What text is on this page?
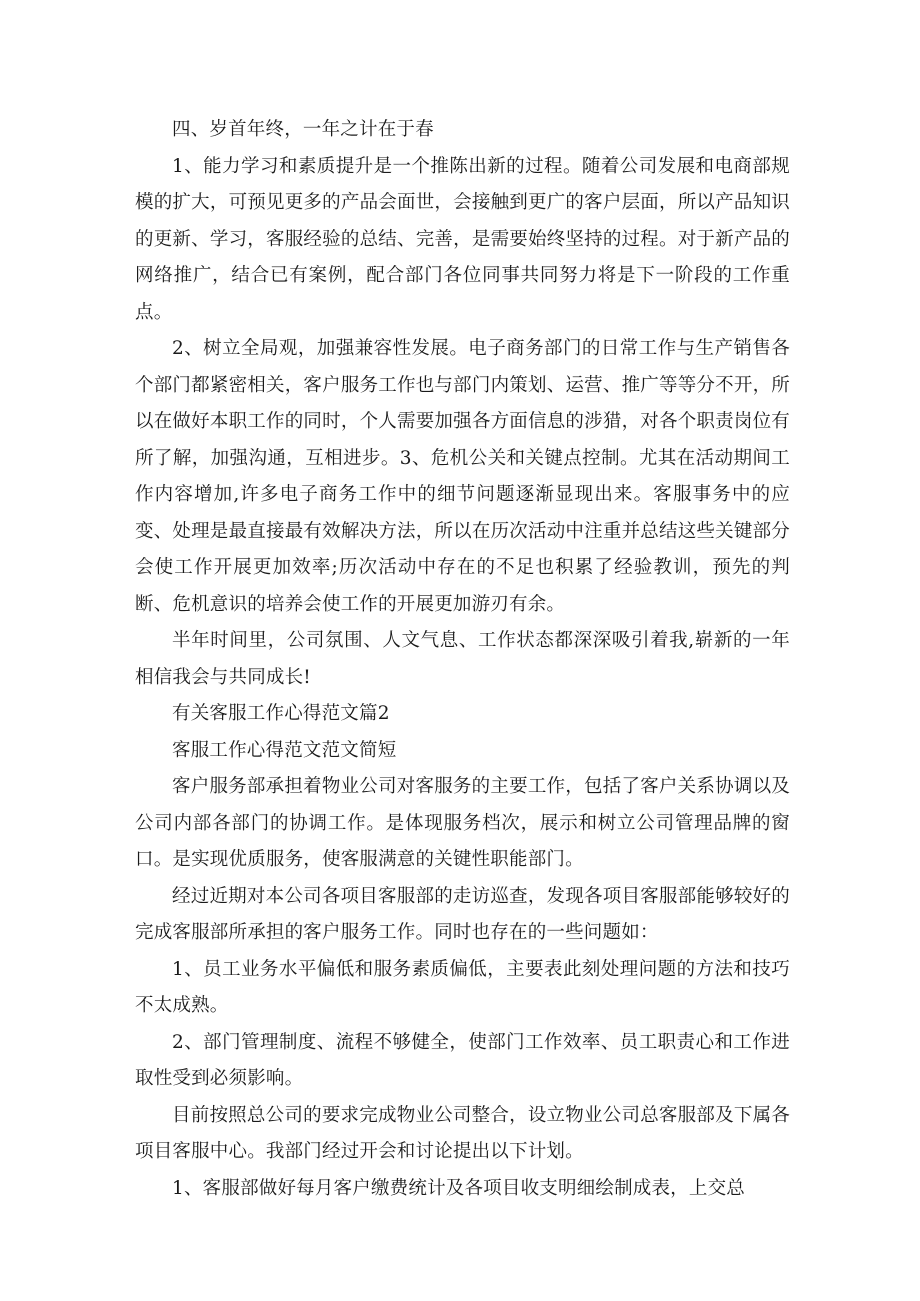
四、岁首年终，一年之计在于春

1、能力学习和素质提升是一个推陈出新的过程。随着公司发展和电商部规模的扩大，可预见更多的产品会面世，会接触到更广的客户层面，所以产品知识的更新、学习，客服经验的总结、完善，是需要始终坚持的过程。对于新产品的网络推广，结合已有案例，配合部门各位同事共同努力将是下一阶段的工作重点。

2、树立全局观，加强兼容性发展。电子商务部门的日常工作与生产销售各个部门都紧密相关，客户服务工作也与部门内策划、运营、推广等等分不开，所以在做好本职工作的同时，个人需要加强各方面信息的涉猎，对各个职责岗位有所了解，加强沟通，互相进步。3、危机公关和关键点控制。尤其在活动期间工作内容增加,许多电子商务工作中的细节问题逐渐显现出来。客服事务中的应变、处理是最直接最有效解决方法，所以在历次活动中注重并总结这些关键部分会使工作开展更加效率;历次活动中存在的不足也积累了经验教训，预先的判断、危机意识的培养会使工作的开展更加游刃有余。

半年时间里，公司氛围、人文气息、工作状态都深深吸引着我,崭新的一年相信我会与共同成长!

有关客服工作心得范文篇2

客服工作心得范文范文简短

客户服务部承担着物业公司对客服务的主要工作，包括了客户关系协调以及公司内部各部门的协调工作。是体现服务档次，展示和树立公司管理品牌的窗口。是实现优质服务，使客服满意的关键性职能部门。

经过近期对本公司各项目客服部的走访巡查，发现各项目客服部能够较好的完成客服部所承担的客户服务工作。同时也存在的一些问题如：

1、员工业务水平偏低和服务素质偏低，主要表此刻处理问题的方法和技巧不太成熟。

2、部门管理制度、流程不够健全，使部门工作效率、员工职责心和工作进取性受到必须影响。

目前按照总公司的要求完成物业公司整合，设立物业公司总客服部及下属各项目客服中心。我部门经过开会和讨论提出以下计划。

1、客服部做好每月客户缴费统计及各项目收支明细绘制成表，上交总
